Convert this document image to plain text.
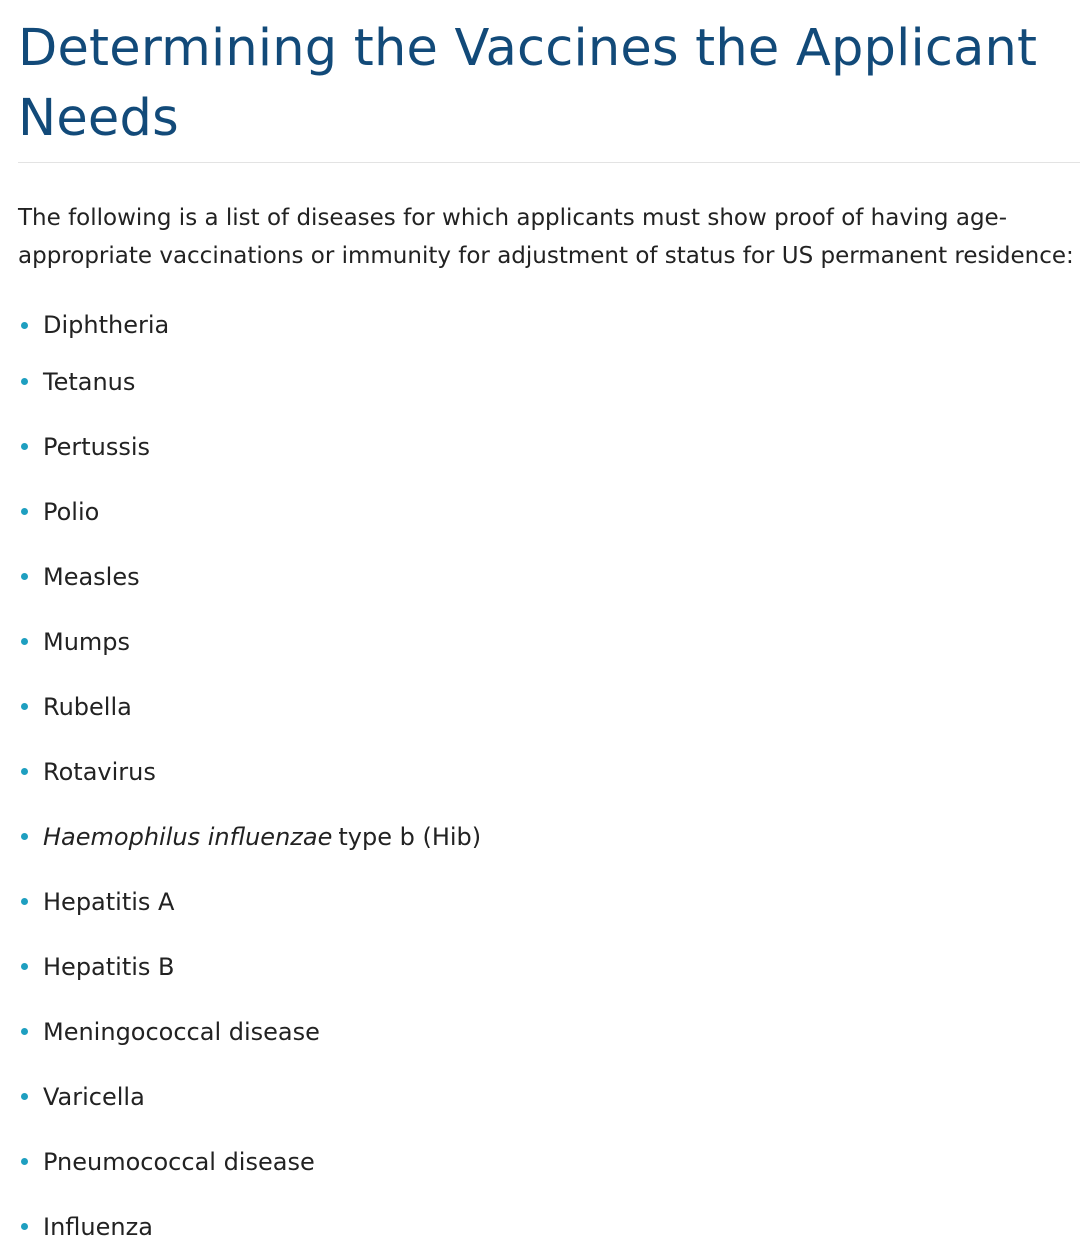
Determining the Vaccines the Applicant Needs

The following is a list of diseases for which applicants must show proof of having age-appropriate vaccinations or immunity for adjustment of status for US permanent residence:

Diphtheria
Tetanus
Pertussis
Polio
Measles
Mumps
Rubella
Rotavirus
Haemophilus influenzae type b (Hib)
Hepatitis A
Hepatitis B
Meningococcal disease
Varicella
Pneumococcal disease
Influenza
